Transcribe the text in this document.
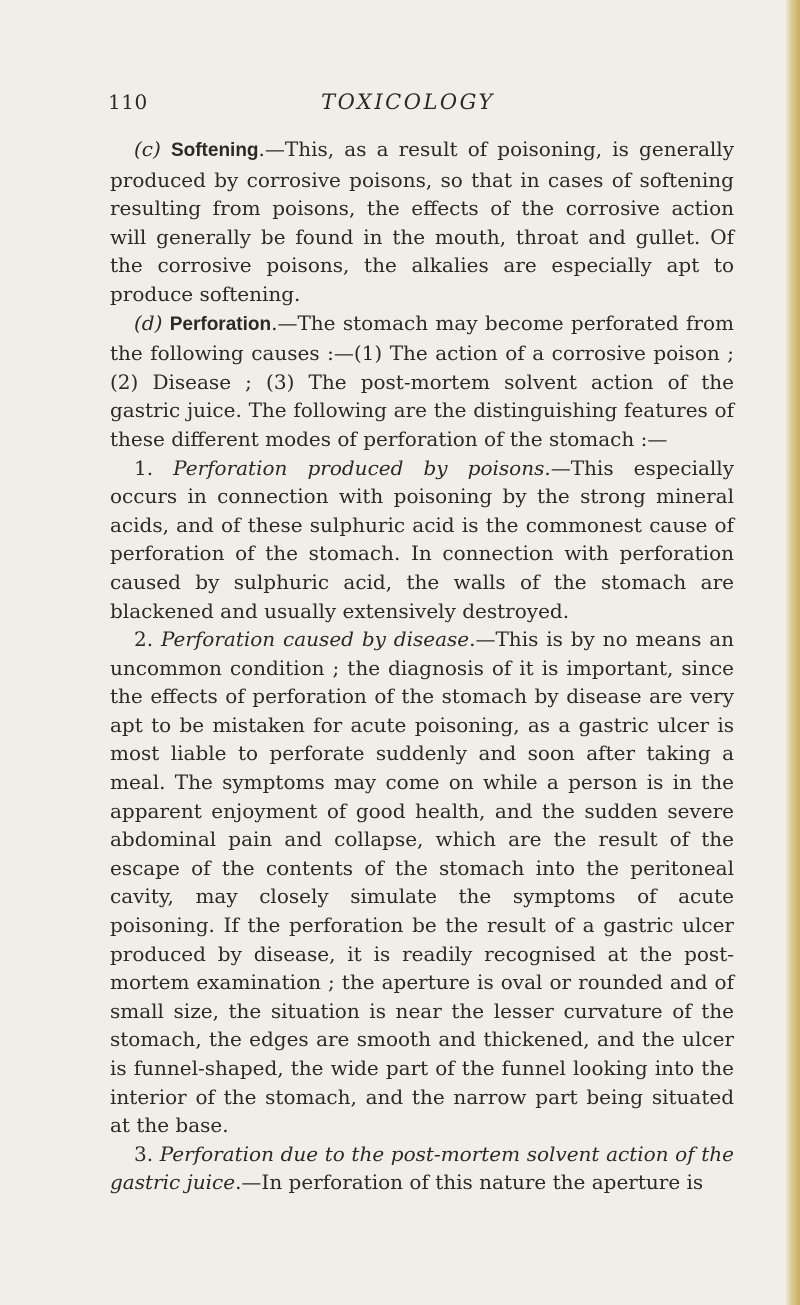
110	TOXICOLOGY

(c) Softening.—This, as a result of poisoning, is generally produced by corrosive poisons, so that in cases of softening resulting from poisons, the effects of the corrosive action will generally be found in the mouth, throat and gullet. Of the corrosive poisons, the alkalies are especially apt to produce softening.

(d) Perforation.—The stomach may become perforated from the following causes :—(1) The action of a corrosive poison ; (2) Disease ; (3) The post-mortem solvent action of the gastric juice. The following are the distinguishing features of these different modes of perforation of the stomach :—

1. Perforation produced by poisons.—This especially occurs in connection with poisoning by the strong mineral acids, and of these sulphuric acid is the commonest cause of perforation of the stomach. In connection with perforation caused by sulphuric acid, the walls of the stomach are blackened and usually extensively destroyed.

2. Perforation caused by disease.—This is by no means an uncommon condition ; the diagnosis of it is important, since the effects of perforation of the stomach by disease are very apt to be mistaken for acute poisoning, as a gastric ulcer is most liable to perforate suddenly and soon after taking a meal. The symptoms may come on while a person is in the apparent enjoyment of good health, and the sudden severe abdominal pain and collapse, which are the result of the escape of the contents of the stomach into the peritoneal cavity, may closely simulate the symptoms of acute poisoning. If the perforation be the result of a gastric ulcer produced by disease, it is readily recognised at the post-mortem examination ; the aperture is oval or rounded and of small size, the situation is near the lesser curvature of the stomach, the edges are smooth and thickened, and the ulcer is funnel-shaped, the wide part of the funnel looking into the interior of the stomach, and the narrow part being situated at the base.

3. Perforation due to the post-mortem solvent action of the gastric juice.—In perforation of this nature the aperture is
